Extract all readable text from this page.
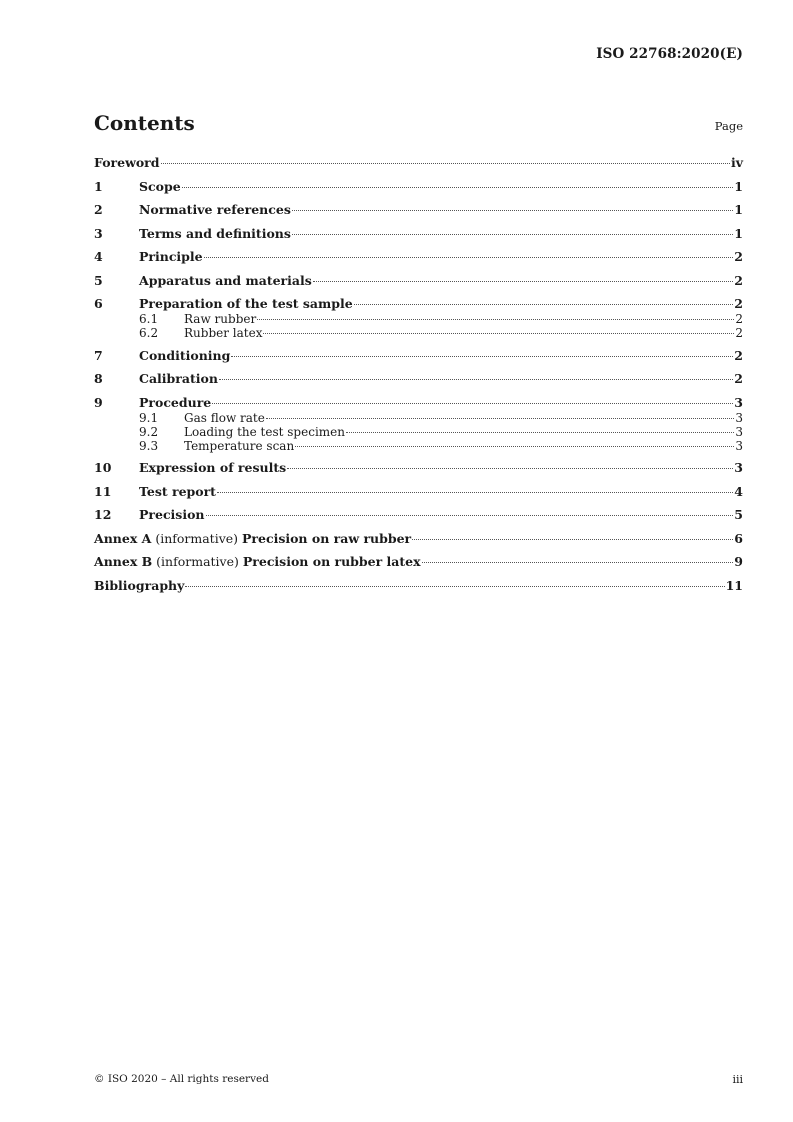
ISO 22768:2020(E)
Contents	Page
Foreword	iv
1	Scope	1
2	Normative references	1
3	Terms and definitions	1
4	Principle	2
5	Apparatus and materials	2
6	Preparation of the test sample	2
6.1	Raw rubber	2
6.2	Rubber latex	2
7	Conditioning	2
8	Calibration	2
9	Procedure	3
9.1	Gas flow rate	3
9.2	Loading the test specimen	3
9.3	Temperature scan	3
10	Expression of results	3
11	Test report	4
12	Precision	5
Annex A (informative) Precision on raw rubber	6
Annex B (informative) Precision on rubber latex	9
Bibliography	11
© ISO 2020 – All rights reserved	iii
